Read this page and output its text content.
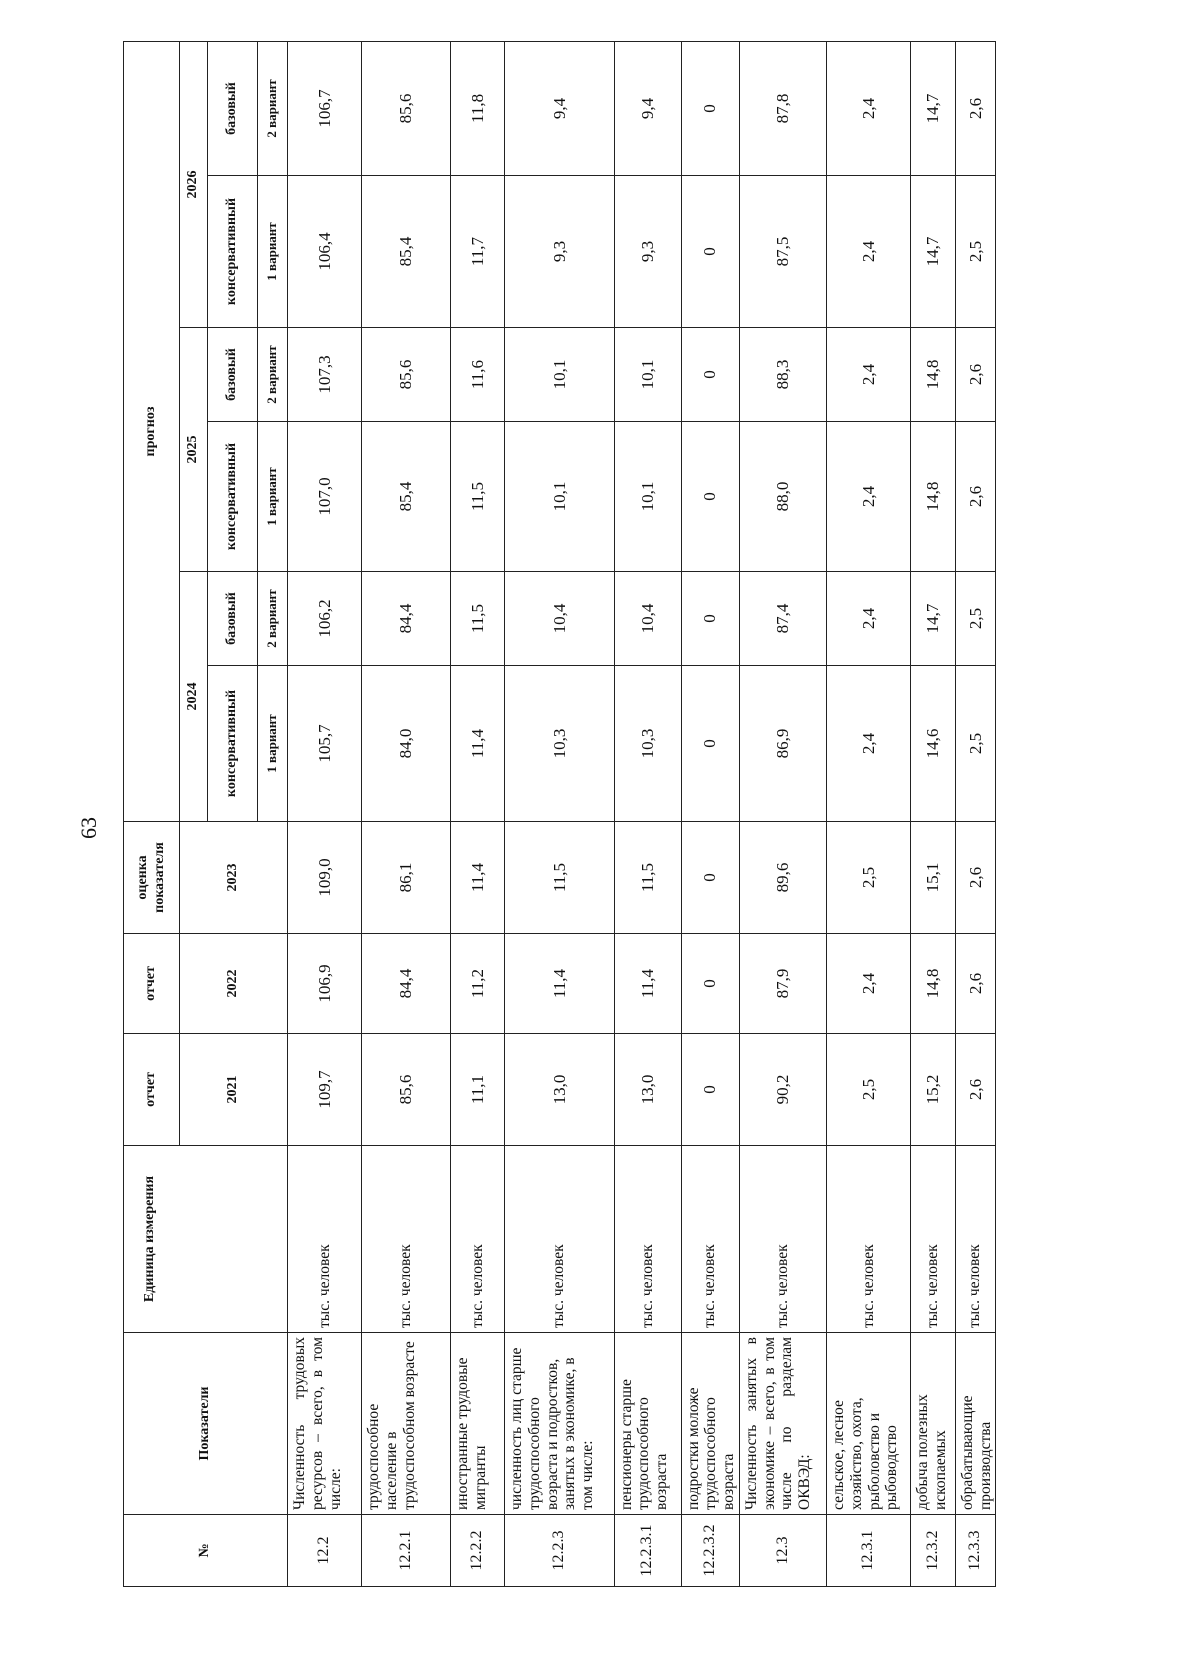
63
№	Показатели	Единица измерения	отчет	отчет	оценка показателя	прогноз					
			2021	2022	2023	2024		2025		2026	
						консервативный	базовый	консервативный	базовый	консервативный	базовый
						1 вариант	2 вариант	1 вариант	2 вариант	1 вариант	2 вариант
12.2	Численность трудовых ресурсов – всего, в том числе:	тыс. человек	109,7	106,9	109,0	105,7	106,2	107,0	107,3	106,4	106,7
12.2.1	трудоспособное население в трудоспособном возрасте	тыс. человек	85,6	84,4	86,1	84,0	84,4	85,4	85,6	85,4	85,6
12.2.2	иностранные трудовые мигранты	тыс. человек	11,1	11,2	11,4	11,4	11,5	11,5	11,6	11,7	11,8
12.2.3	численность лиц старше трудоспособного возраста и подростков, занятых в экономике, в том числе:	тыс. человек	13,0	11,4	11,5	10,3	10,4	10,1	10,1	9,3	9,4
12.2.3.1	пенсионеры старше трудоспособного возраста	тыс. человек	13,0	11,4	11,5	10,3	10,4	10,1	10,1	9,3	9,4
12.2.3.2	подростки моложе трудоспособного возраста	тыс. человек	0	0	0	0	0	0	0	0	0
12.3	Численность занятых в экономике – всего, в том числе по разделам ОКВЭД:	тыс. человек	90,2	87,9	89,6	86,9	87,4	88,0	88,3	87,5	87,8
12.3.1	сельское, лесное хозяйство, охота, рыболовство и рыбоводство	тыс. человек	2,5	2,4	2,5	2,4	2,4	2,4	2,4	2,4	2,4
12.3.2	добыча полезных ископаемых	тыс. человек	15,2	14,8	15,1	14,6	14,7	14,8	14,8	14,7	14,7
12.3.3	обрабатывающие производства	тыс. человек	2,6	2,6	2,6	2,5	2,5	2,6	2,6	2,5	2,6
